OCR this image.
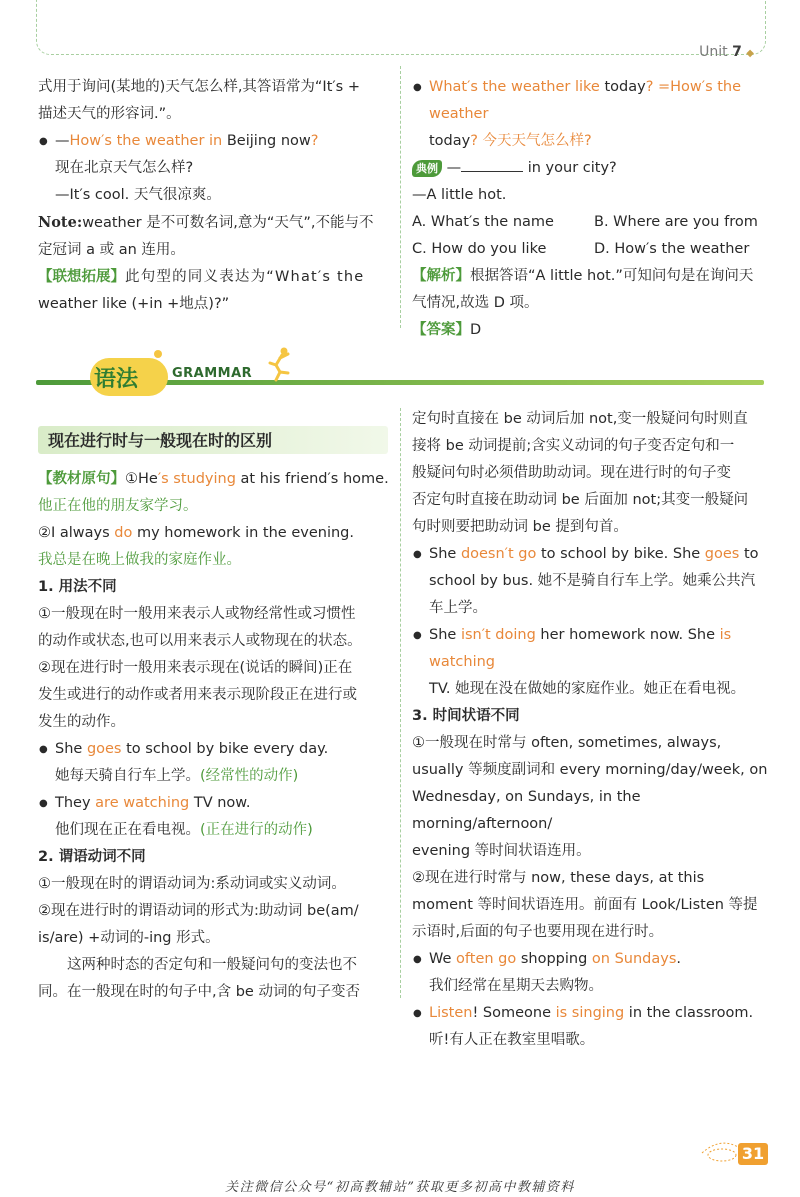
Unit 7 ◆

式用于询问(某地的)天气怎么样,其答语常为“It′s +

描述天气的形容词.”。

● —How′s the weather in Beijing now?

现在北京天气怎么样?

—It′s cool. 天气很凉爽。

Note:weather 是不可数名词,意为“天气”,不能与不

定冠词 a 或 an 连用。

【联想拓展】此句型的同义表达为“What′s the

weather like (+in +地点)?”

● What′s the weather like today? =How′s the weather

today? 今天天气怎么样?

典例 —	in your city?

—A little hot.

A. What′s the name	B. Where are you from

C. How do you like	D. How′s the weather

【解析】根据答语“A little hot.”可知问句是在询问天

气情况,故选 D 项。

【答案】D

语法	GRAMMAR
现在进行时与一般现在时的区别

【教材原句】①He′s studying at his friend′s home.

他正在他的朋友家学习。

②I always do my homework in the evening.

我总是在晚上做我的家庭作业。

1. 用法不同

①一般现在时一般用来表示人或物经常性或习惯性

的动作或状态,也可以用来表示人或物现在的状态。

②现在进行时一般用来表示现在(说话的瞬间)正在

发生或进行的动作或者用来表示现阶段正在进行或

发生的动作。

● She goes to school by bike every day.

她每天骑自行车上学。(经常性的动作)

● They are watching TV now.

他们现在正在看电视。(正在进行的动作)

2. 谓语动词不同

①一般现在时的谓语动词为:系动词或实义动词。

②现在进行时的谓语动词的形式为:助动词 be(am/

is/are) +动词的-ing 形式。

这两种时态的否定句和一般疑问句的变法也不

同。在一般现在时的句子中,含 be 动词的句子变否

定句时直接在 be 动词后加 not,变一般疑问句时则直

接将 be 动词提前;含实义动词的句子变否定句和一

般疑问句时必须借助助动词。现在进行时的句子变

否定句时直接在助动词 be 后面加 not;其变一般疑问

句时则要把助动词 be 提到句首。

● She doesn′t go to school by bike. She goes to

school by bus. 她不是骑自行车上学。她乘公共汽

车上学。

● She isn′t doing her homework now. She is watching

TV. 她现在没在做她的家庭作业。她正在看电视。

3. 时间状语不同

①一般现在时常与 often, sometimes, always,

usually 等频度副词和 every morning/day/week, on

Wednesday, on Sundays, in the morning/afternoon/

evening 等时间状语连用。

②现在进行时常与 now, these days, at this

moment 等时间状语连用。前面有 Look/Listen 等提

示语时,后面的句子也要用现在进行时。

● We often go shopping on Sundays.

我们经常在星期天去购物。

● Listen! Someone is singing in the classroom.

听!有人正在教室里唱歌。

31
关注微信公众号“初高教辅站”获取更多初高中教辅资料
